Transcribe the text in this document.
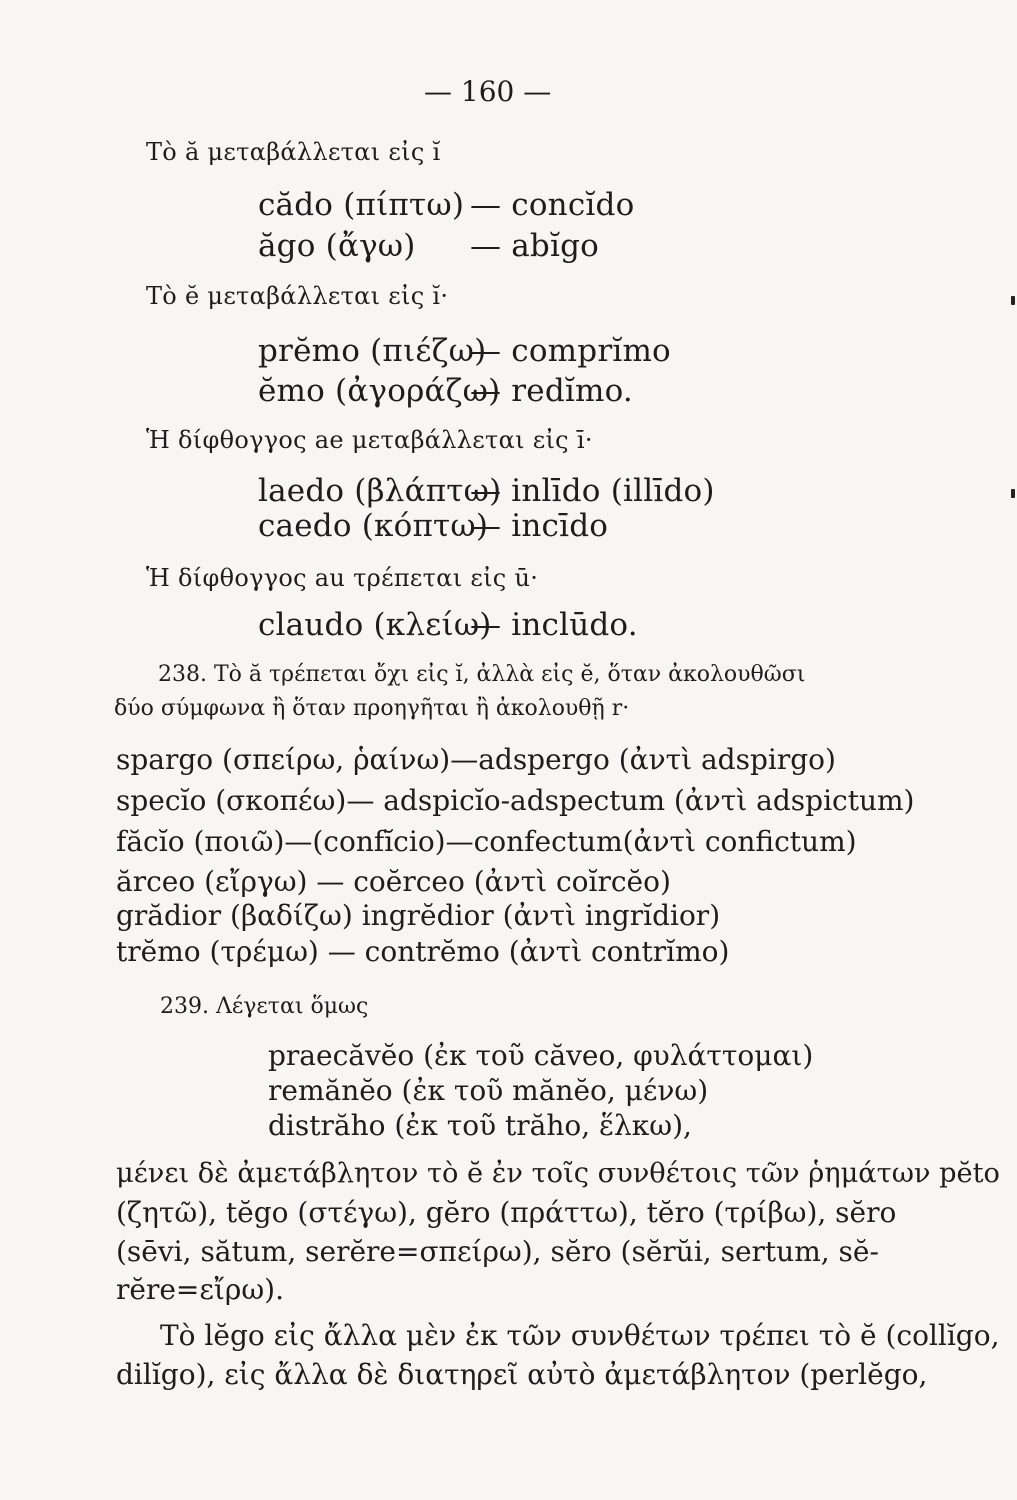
— 160 —
Τὸ ă μεταβάλλεται εἰς ĭ
cădo (πίπτω) — concĭdo
ăgo (ἄγω) — abĭgo
Τὸ ĕ μεταβάλλεται εἰς ĭ·
prĕmo (πιέζω)
— comprĭmo
ĕmo (ἀγοράζω)
— redĭmo.
Ἡ δίφθογγος ae μεταβάλλεται εἰς ī·
laedo (βλάπτω)
— inlīdo (illīdo)
caedo (κόπτω)
— incīdo
Ἡ δίφθογγος au τρέπεται εἰς ū·
claudo (κλείω)
— inclūdo.
238. Τὸ ă τρέπεται ὄχι εἰς ĭ, ἀλλὰ εἰς ĕ, ὅταν ἀκολουθῶσι
δύο σύμφωνα ἢ ὅταν προηγῆται ἢ ἀκολουθῇ r·
spargo (σπείρω, ῥαίνω)—adspergo (ἀντὶ adspirgo)
specĭo (σκοπέω)— adspicĭo-adspectum (ἀντὶ adspictum)
făcĭo (ποιῶ)—(confĭcio)—confectum(ἀντὶ confictum)
ărceo (εἴργω) — coĕrceo (ἀντὶ coĭrcĕo)
grădior (βαδίζω) ingrĕdior (ἀντὶ ingrĭdior)
trĕmo (τρέμω) — contrĕmo (ἀντὶ contrĭmo)
239. Λέγεται ὅμως
praecăvĕo (ἐκ τοῦ căveo, φυλάττομαι)
remănĕo (ἐκ τοῦ mănĕo, μένω)
distrăho (ἐκ τοῦ trăho, ἕλκω),
μένει δὲ ἀμετάβλητον τὸ ĕ ἐν τοῖς συνθέτοις τῶν ῥημάτων pĕto
(ζητῶ), tĕgo (στέγω), gĕro (πράττω), tĕro (τρίβω), sĕro
(sēvi, sătum, serĕre=σπείρω), sĕro (sĕrŭi, sertum, sĕ-
rĕre=εἴρω).
Τὸ lĕgo εἰς ἄλλα μὲν ἐκ τῶν συνθέτων τρέπει τὸ ĕ (collĭgo,
dilĭgo), εἰς ἄλλα δὲ διατηρεῖ αὐτὸ ἀμετάβλητον (perlĕgo,
